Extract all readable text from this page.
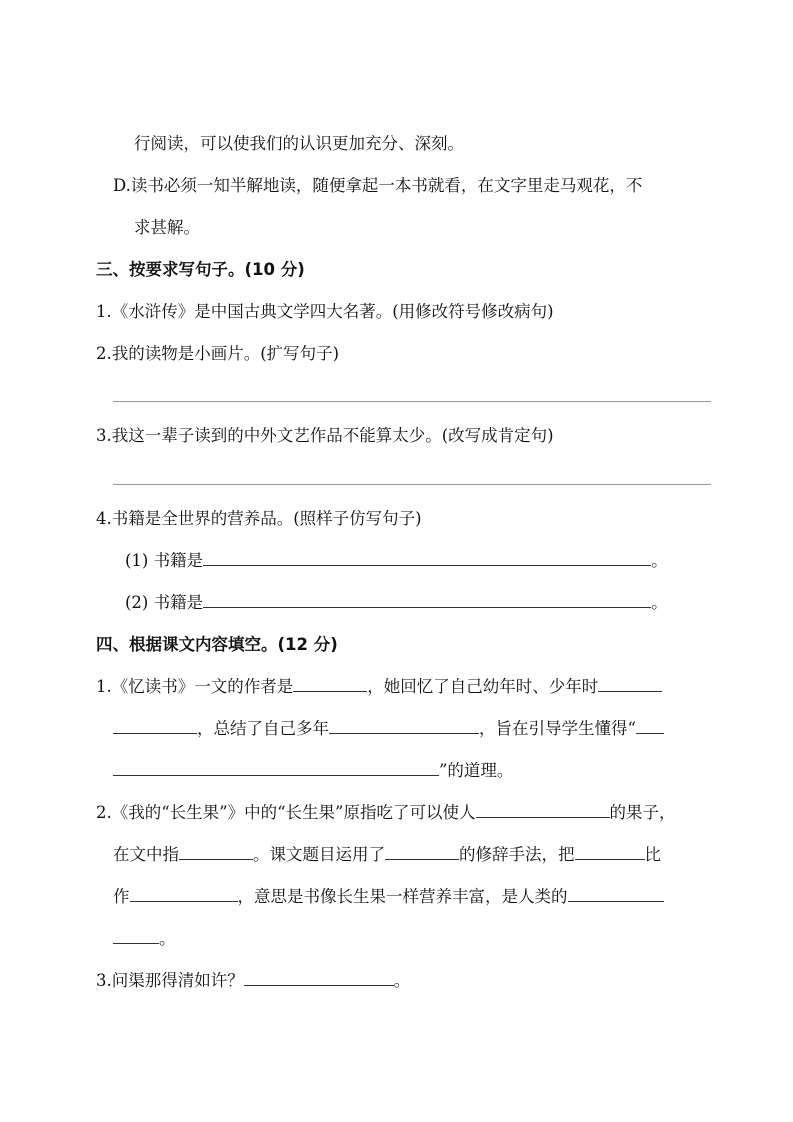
行阅读，可以使我们的认识更加充分、深刻。
D.读书必须一知半解地读，随便拿起一本书就看，在文字里走马观花，不
求甚解。
三、按要求写句子。(10 分)
1.《水浒传》是中国古典文学四大名著。(用修改符号修改病句)
2.我的读物是小画片。(扩写句子)
3.我这一辈子读到的中外文艺作品不能算太少。(改写成肯定句)
4.书籍是全世界的营养品。(照样子仿写句子)
(1) 书籍是	。
(2) 书籍是	。
四、根据课文内容填空。(12 分)
1.《忆读书》一文的作者是	，她回忆了自己幼年时、少年时
，总结了自己多年	，旨在引导学生懂得“
”的道理。
2.《我的“长生果”》中的“长生果”原指吃了可以使人	的果子，
在文中指	。课文题目运用了	的修辞手法，把	比
作	，意思是书像长生果一样营养丰富，是人类的
。
3.问渠那得清如许？	。
